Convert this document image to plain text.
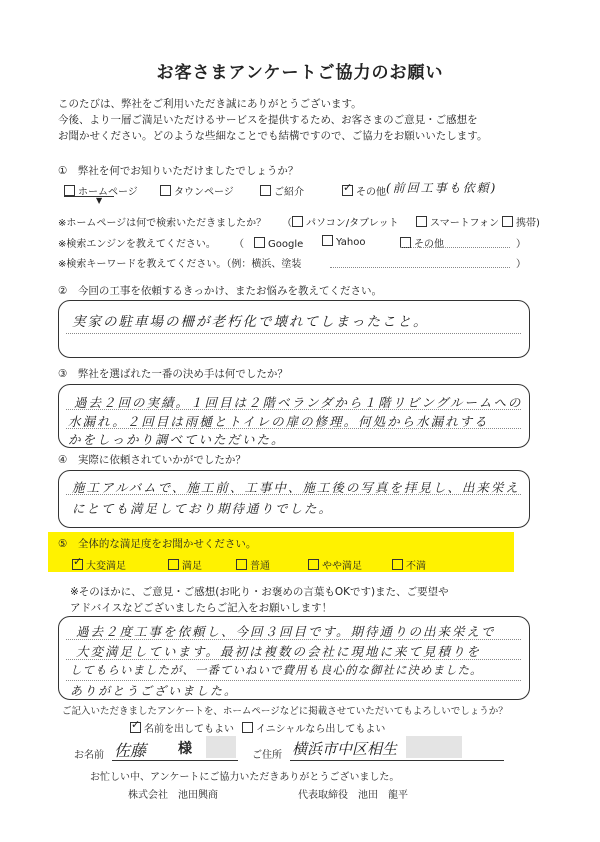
お客さまアンケートご協力のお願い
このたびは、弊社をご利用いただき誠にありがとうございます。
今後、より一層ご満足いただけるサービスを提供するため、お客さまのご意見・ご感想を
お聞かせください。どのような些細なことでも結構ですので、ご協力をお願いいたします。
①　弊社を何でお知りいただけましたでしょうか？
ホームページ	タウンページ	ご紹介
✓	その他 (前回工事も依頼)
▼
※ホームページは何で検索いただきましたか？ （ パソコン/タブレット	スマートフォン	携帯)
※検索エンジンを教えてください。 （　Google	Yahoo	その他	）
※検索キーワードを教えてください。（例：横浜、塗装	）
②　今回の工事を依頼するきっかけ、またお悩みを教えてください。
実家の駐車場の柵が老朽化で壊れてしまったこと。
③　弊社を選ばれた一番の決め手は何でしたか？
過去２回の実績。１回目は２階ベランダから１階リビングルームへの
水漏れ。２回目は雨樋とトイレの扉の修理。何処から水漏れする
かをしっかり調べていただいた。
④　実際に依頼されていかがでしたか？
施工アルバムで、施工前、工事中、施工後の写真を拝見し、出来栄え
にとても満足しており期待通りでした。
⑤　全体的な満足度をお聞かせください。
✓大変満足	満足	普通	やや満足	不満
※そのほかに、ご意見・ご感想(お叱り・お褒めの言葉もOKです)また、ご要望や
アドバイスなどございましたらご記入をお願いします！
過去２度工事を依頼し、今回３回目です。期待通りの出来栄えで
大変満足しています。最初は複数の会社に現地に来て見積りを
してもらいましたが、一番ていねいで費用も良心的な御社に決めました。
ありがとうございました。
ご記入いただきましたアンケートを、ホームページなどに掲載させていただいてもよろしいでしょうか？
✓名前を出してもよい	イニシャルなら出してもよい
お名前 佐藤 様	ご住所 横浜市中区相生
お忙しい中、アンケートにご協力いただきありがとうございました。
株式会社　池田興商	代表取締役　池田　龍平
